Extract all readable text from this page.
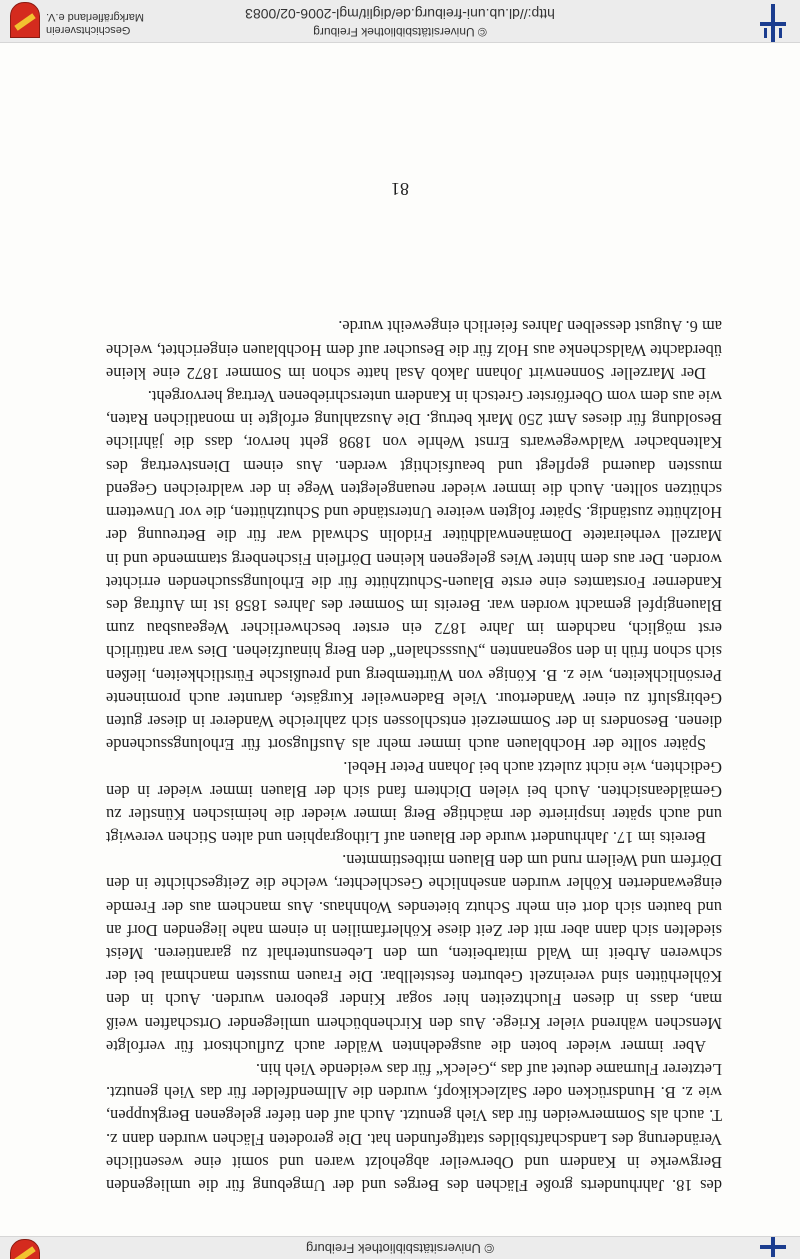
© Universitätsbibliothek Freiburg

des 18. Jahrhunderts große Flächen des Berges und der Umgebung für die umliegenden Bergwerke in Kandern und Oberweiler abgeholzt waren und somit eine wesentliche Veränderung des Landschaftsbildes stattgefunden hat. Die gerodeten Flächen wurden dann z. T. auch als Sommerweiden für das Vieh genutzt. Auch auf den tiefer gelegenen Bergkuppen, wie z. B. Hundsrücken oder Salzleckikopf, wurden die Allmendfelder für das Vieh genutzt. Letzterer Flurname deutet auf das „Geleck“ für das weidende Vieh hin.

Aber immer wieder boten die ausgedehnten Wälder auch Zufluchtsort für verfolgte Menschen während vieler Kriege. Aus den Kirchenbüchern umliegender Ortschaften weiß man, dass in diesen Fluchtzeiten hier sogar Kinder geboren wurden. Auch in den Köhlerhütten sind vereinzelt Geburten feststellbar. Die Frauen mussten manchmal bei der schweren Arbeit im Wald mitarbeiten, um den Lebensunterhalt zu garantieren. Meist siedelten sich dann aber mit der Zeit diese Köhlerfamilien in einem nahe liegenden Dorf an und bauten sich dort ein mehr Schutz bietendes Wohnhaus. Aus manchem aus der Fremde eingewanderten Köhler wurden ansehnliche Geschlechter, welche die Zeitgeschichte in den Dörfern und Weilern rund um den Blauen mitbestimmten.

Bereits im 17. Jahrhundert wurde der Blauen auf Lithographien und alten Stichen verewigt und auch später inspirierte der mächtige Berg immer wieder die heimischen Künstler zu Gemäldeansichten. Auch bei vielen Dichtern fand sich der Blauen immer wieder in den Gedichten, wie nicht zuletzt auch bei Johann Peter Hebel.

Später sollte der Hochblauen auch immer mehr als Ausflugsort für Erholungssuchende dienen. Besonders in der Sommerzeit entschlossen sich zahlreiche Wanderer in dieser guten Gebirgsluft zu einer Wandertour. Viele Badenweiler Kurgäste, darunter auch prominente Persönlichkeiten, wie z. B. Könige von Württemberg und preußische Fürstlichkeiten, ließen sich schon früh in den sogenannten „Nussschalen“ den Berg hinaufziehen. Dies war natürlich erst möglich, nachdem im Jahre 1872 ein erster beschwerlicher Wegeausbau zum Blauengipfel gemacht worden war. Bereits im Sommer des Jahres 1858 ist im Auftrag des Kanderner Forstamtes eine erste Blauen-Schutzhütte für die Erholungssuchenden errichtet worden. Der aus dem hinter Wies gelegenen kleinen Dörflein Fischenberg stammende und in Marzell verheiratete Domänenwaldhüter Fridolin Schwald war für die Betreuung der Holzhütte zuständig. Später folgten weitere Unterstände und Schutzhütten, die vor Unwettern schützen sollten. Auch die immer wieder neuangelegten Wege in der waldreichen Gegend mussten dauernd gepflegt und beaufsichtigt werden. Aus einem Dienstvertrag des Kaltenbacher Waldwegewarts Ernst Wehrle von 1898 geht hervor, dass die jährliche Besoldung für dieses Amt 250 Mark betrug. Die Auszahlung erfolgte in monatlichen Raten, wie aus dem vom Oberförster Gretsch in Kandern unterschriebenen Vertrag hervorgeht.

Der Marzeller Sonnenwirt Johann Jakob Asal hatte schon im Sommer 1872 eine kleine überdachte Waldschenke aus Holz für die Besucher auf dem Hochblauen eingerichtet, welche am 6. August desselben Jahres feierlich eingeweiht wurde.

81
© Universitätsbibliothek Freiburg
http://dl.ub.uni-freiburg.de/diglit/mgl-2006-02/0083
Geschichtsverein
Markgräflerland e.V.
